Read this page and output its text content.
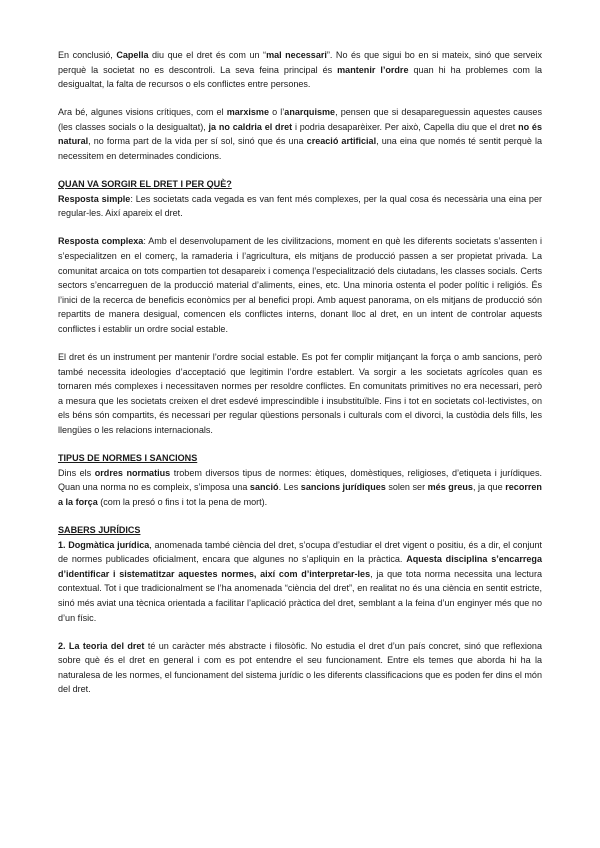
En conclusió, Capella diu que el dret és com un “mal necessari”. No és que sigui bo en si mateix, sinó que serveix perquè la societat no es descontroli. La seva feina principal és mantenir l’ordre quan hi ha problemes com la desigualtat, la falta de recursos o els conflictes entre persones.

Ara bé, algunes visions crítiques, com el marxisme o l’anarquisme, pensen que si desapareguessin aquestes causes (les classes socials o la desigualtat), ja no caldria el dret i podria desaparèixer. Per això, Capella diu que el dret no és natural, no forma part de la vida per sí sol, sinó que és una creació artificial, una eina que només té sentit perquè la necessitem en determinades condicions.

QUAN VA SORGIR EL DRET I PER QUÈ?

Resposta simple: Les societats cada vegada es van fent més complexes, per la qual cosa és necessària una eina per regular-les. Així apareix el dret.

Resposta complexa: Amb el desenvolupament de les civilitzacions, moment en què les diferents societats s’assenten i s’especialitzen en el comerç, la ramaderia i l’agricultura, els mitjans de producció passen a ser propietat privada. La comunitat arcaica on tots compartien tot desapareix i comença l’especialització dels ciutadans, les classes socials. Certs sectors s’encarreguen de la producció material d’aliments, eines, etc. Una minoria ostenta el poder polític i religiós. És l’inici de la recerca de beneficis econòmics per al benefici propi. Amb aquest panorama, on els mitjans de producció són repartits de manera desigual, comencen els conflictes interns, donant lloc al dret, en un intent de controlar aquests conflictes i establir un ordre social estable.

El dret és un instrument per mantenir l’ordre social estable. Es pot fer complir mitjançant la força o amb sancions, però també necessita ideologies d’acceptació que legitimin l’ordre establert. Va sorgir a les societats agrícoles quan es tornaren més complexes i necessitaven normes per resoldre conflictes. En comunitats primitives no era necessari, però a mesura que les societats creixen el dret esdevé imprescindible i insubstituïble. Fins i tot en societats col·lectivistes, on els béns són compartits, és necessari per regular qüestions personals i culturals com el divorci, la custòdia dels fills, les llengües o les relacions internacionals.

TIPUS DE NORMES I SANCIONS

Dins els ordres normatius trobem diversos tipus de normes: ètiques, domèstiques, religioses, d’etiqueta i jurídiques. Quan una norma no es compleix, s’imposa una sanció. Les sancions jurídiques solen ser més greus, ja que recorren a la força (com la presó o fins i tot la pena de mort).

SABERS JURÍDICS

1. Dogmàtica jurídica, anomenada també ciència del dret, s’ocupa d’estudiar el dret vigent o positiu, és a dir, el conjunt de normes publicades oficialment, encara que algunes no s’apliquin en la pràctica. Aquesta disciplina s’encarrega d’identificar i sistematitzar aquestes normes, així com d’interpretar-les, ja que tota norma necessita una lectura contextual. Tot i que tradicionalment se l’ha anomenada “ciència del dret”, en realitat no és una ciència en sentit estricte, sinó més aviat una tècnica orientada a facilitar l’aplicació pràctica del dret, semblant a la feina d’un enginyer més que no d’un físic.

2. La teoria del dret té un caràcter més abstracte i filosòfic. No estudia el dret d’un país concret, sinó que reflexiona sobre què és el dret en general i com es pot entendre el seu funcionament. Entre els temes que aborda hi ha la naturalesa de les normes, el funcionament del sistema jurídic o les diferents classificacions que es poden fer dins el món del dret.
